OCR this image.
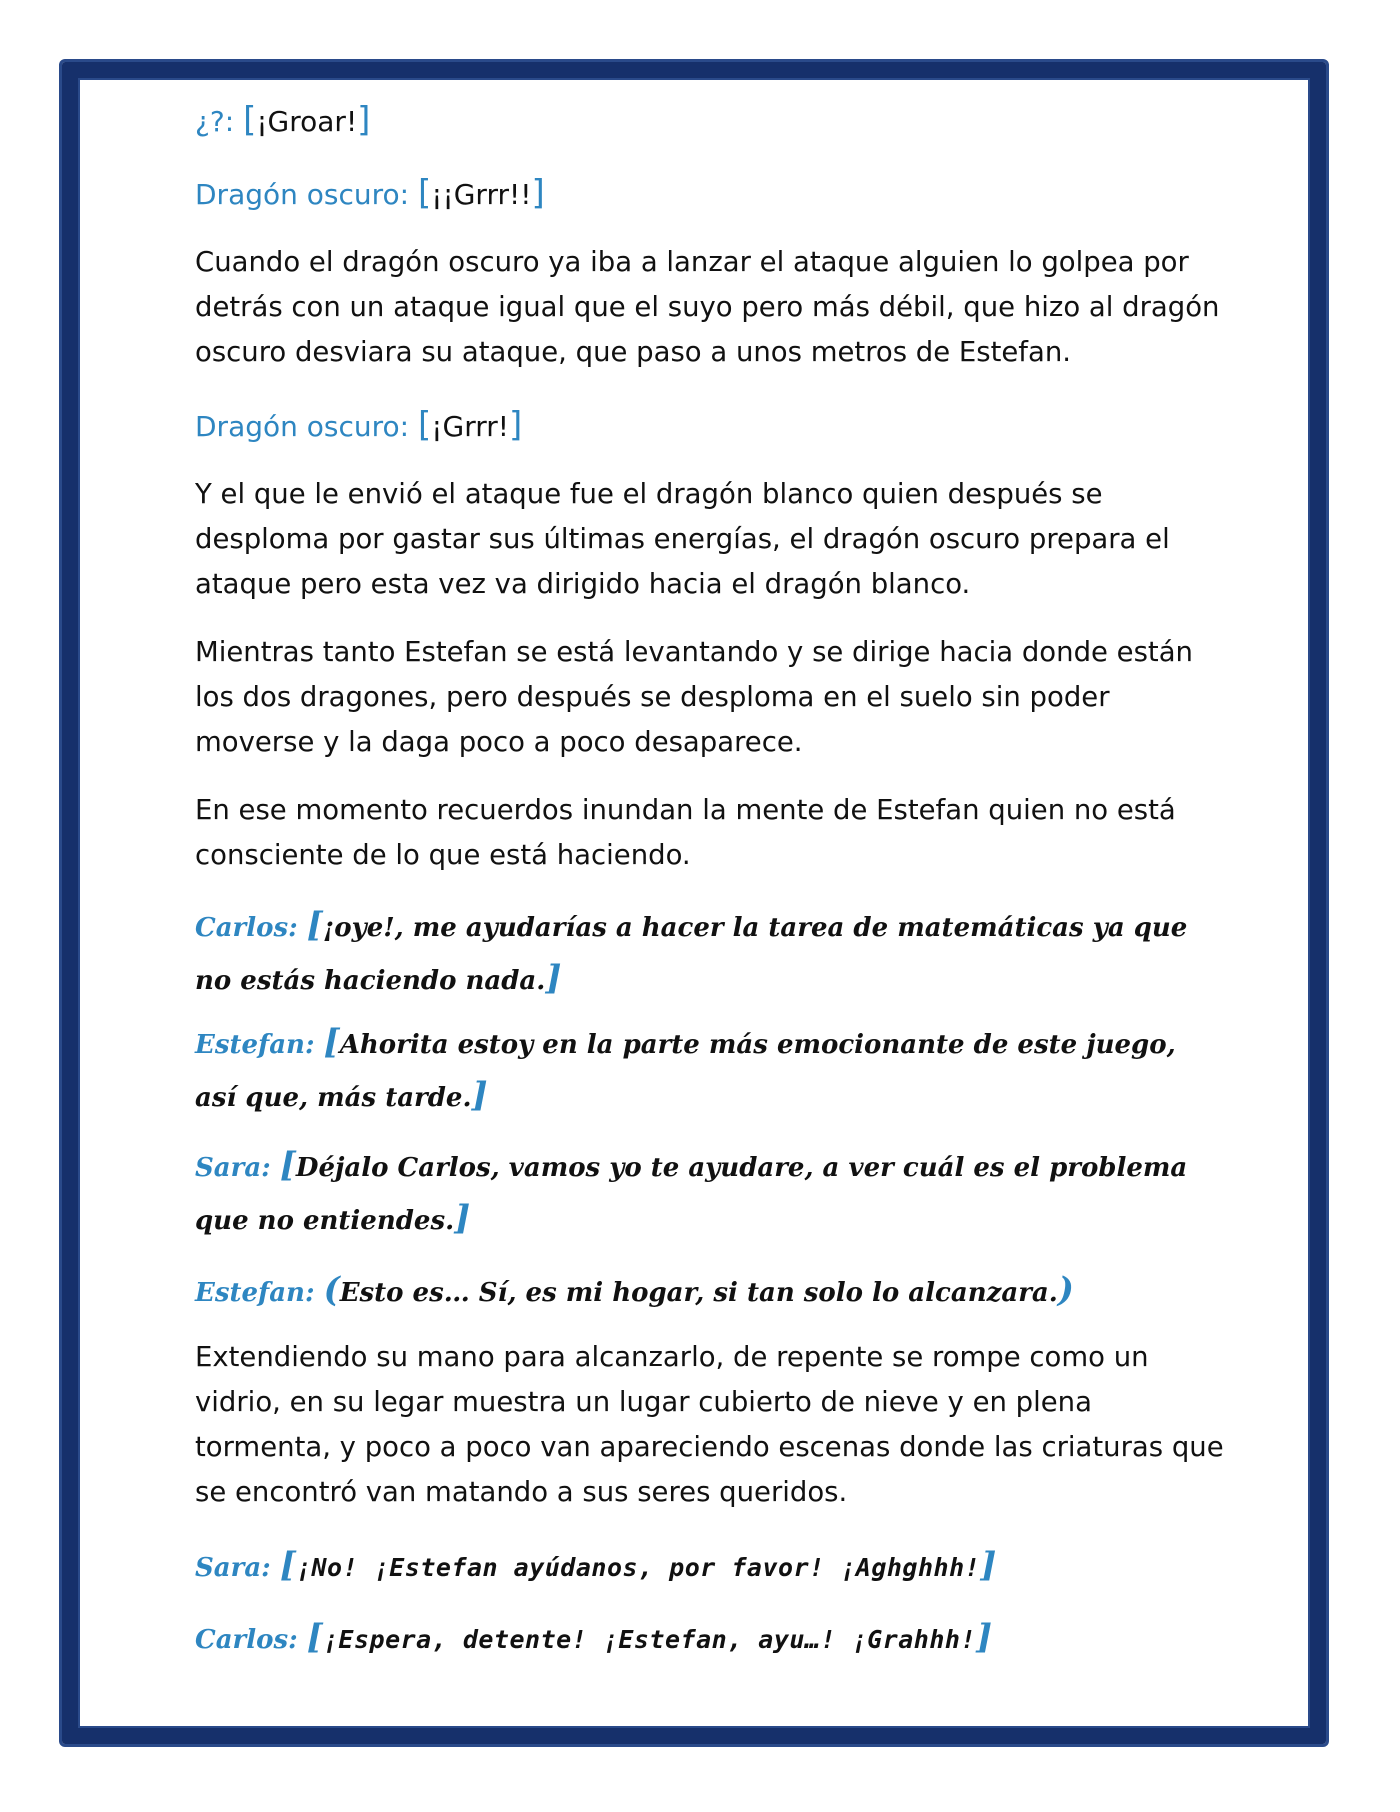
¿?: [¡Groar!]
Dragón oscuro: [¡¡Grrr!!]
Cuando el dragón oscuro ya iba a lanzar el ataque alguien lo golpea por detrás con un ataque igual que el suyo pero más débil, que hizo al dragón oscuro desviara su ataque, que paso a unos metros de Estefan.
Dragón oscuro: [¡Grrr!]
Y el que le envió el ataque fue el dragón blanco quien después se desploma por gastar sus últimas energías, el dragón oscuro prepara el ataque pero esta vez va dirigido hacia el dragón blanco.
Mientras tanto Estefan se está levantando y se dirige hacia donde están los dos dragones, pero después se desploma en el suelo sin poder moverse y la daga poco a poco desaparece.
En ese momento recuerdos inundan la mente de Estefan quien no está consciente de lo que está haciendo.
Carlos: [¡oye!, me ayudarías a hacer la tarea de matemáticas ya que no estás haciendo nada.]
Estefan: [Ahorita estoy en la parte más emocionante de este juego, así que, más tarde.]
Sara: [Déjalo Carlos, vamos yo te ayudare, a ver cuál es el problema que no entiendes.]
Estefan: (Esto es… Sí, es mi hogar, si tan solo lo alcanzara.)
Extendiendo su mano para alcanzarlo, de repente se rompe como un vidrio, en su legar muestra un lugar cubierto de nieve y en plena tormenta, y poco a poco van apareciendo escenas donde las criaturas que se encontró van matando a sus seres queridos.
Sara: [¡No! ¡Estefan ayúdanos, por favor! ¡Aghghhh!]
Carlos: [¡Espera, detente! ¡Estefan, ayu…! ¡Grahhh!]
